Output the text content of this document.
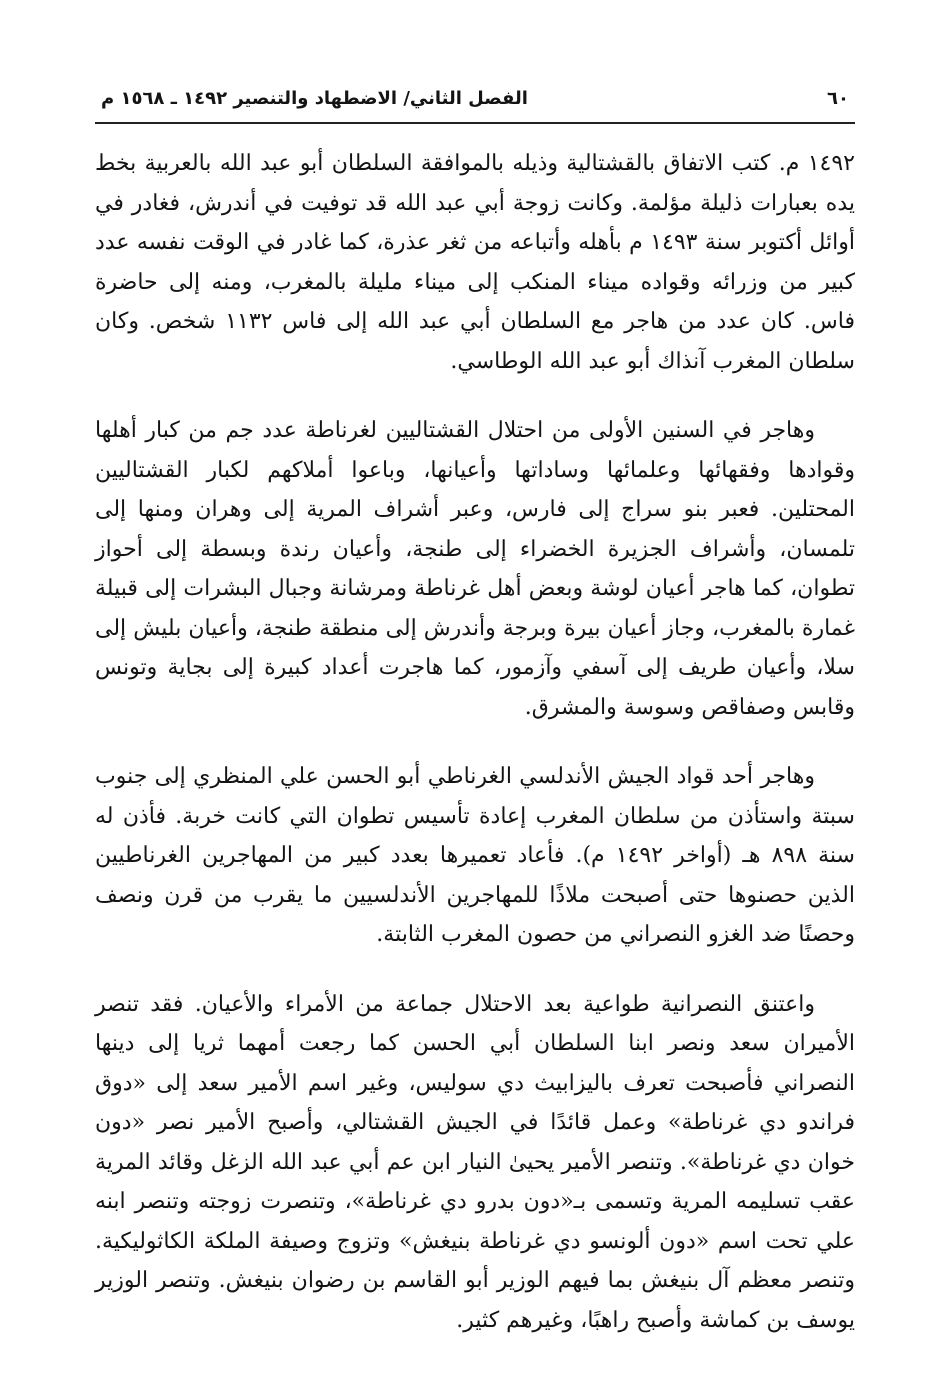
٦٠
الفصل الثاني/ الاضطهاد والتنصير ١٤٩٢ ـ ١٥٦٨ م

١٤٩٢ م. كتب الاتفاق بالقشتالية وذيله بالموافقة السلطان أبو عبد الله بالعربية بخط يده بعبارات ذليلة مؤلمة. وكانت زوجة أبي عبد الله قد توفيت في أندرش، فغادر في أوائل أكتوبر سنة ١٤٩٣ م بأهله وأتباعه من ثغر عذرة، كما غادر في الوقت نفسه عدد كبير من وزرائه وقواده ميناء المنكب إلى ميناء مليلة بالمغرب، ومنه إلى حاضرة فاس. كان عدد من هاجر مع السلطان أبي عبد الله إلى فاس ١١٣٢ شخص. وكان سلطان المغرب آنذاك أبو عبد الله الوطاسي.

وهاجر في السنين الأولى من احتلال القشتاليين لغرناطة عدد جم من كبار أهلها وقوادها وفقهائها وعلمائها وساداتها وأعيانها، وباعوا أملاكهم لكبار القشتاليين المحتلين. فعبر بنو سراج إلى فارس، وعبر أشراف المرية إلى وهران ومنها إلى تلمسان، وأشراف الجزيرة الخضراء إلى طنجة، وأعيان رندة وبسطة إلى أحواز تطوان، كما هاجر أعيان لوشة وبعض أهل غرناطة ومرشانة وجبال البشرات إلى قبيلة غمارة بالمغرب، وجاز أعيان بيرة وبرجة وأندرش إلى منطقة طنجة، وأعيان بليش إلى سلا، وأعيان طريف إلى آسفي وآزمور، كما هاجرت أعداد كبيرة إلى بجاية وتونس وقابس وصفاقص وسوسة والمشرق.

وهاجر أحد قواد الجيش الأندلسي الغرناطي أبو الحسن علي المنظري إلى جنوب سبتة واستأذن من سلطان المغرب إعادة تأسيس تطوان التي كانت خربة. فأذن له سنة ٨٩٨ هـ (أواخر ١٤٩٢ م). فأعاد تعميرها بعدد كبير من المهاجرين الغرناطيين الذين حصنوها حتى أصبحت ملاذًا للمهاجرين الأندلسيين ما يقرب من قرن ونصف وحصنًا ضد الغزو النصراني من حصون المغرب الثابتة.

واعتنق النصرانية طواعية بعد الاحتلال جماعة من الأمراء والأعيان. فقد تنصر الأميران سعد ونصر ابنا السلطان أبي الحسن كما رجعت أمهما ثريا إلى دينها النصراني فأصبحت تعرف باليزابيث دي سوليس، وغير اسم الأمير سعد إلى «دوق فراندو دي غرناطة» وعمل قائدًا في الجيش القشتالي، وأصبح الأمير نصر «دون خوان دي غرناطة». وتنصر الأمير يحيىٰ النيار ابن عم أبي عبد الله الزغل وقائد المرية عقب تسليمه المرية وتسمى بـ«دون بدرو دي غرناطة»، وتنصرت زوجته وتنصر ابنه علي تحت اسم «دون ألونسو دي غرناطة بنيغش» وتزوج وصيفة الملكة الكاثوليكية. وتنصر معظم آل بنيغش بما فيهم الوزير أبو القاسم بن رضوان بنيغش. وتنصر الوزير يوسف بن كماشة وأصبح راهبًا، وغيرهم كثير.
